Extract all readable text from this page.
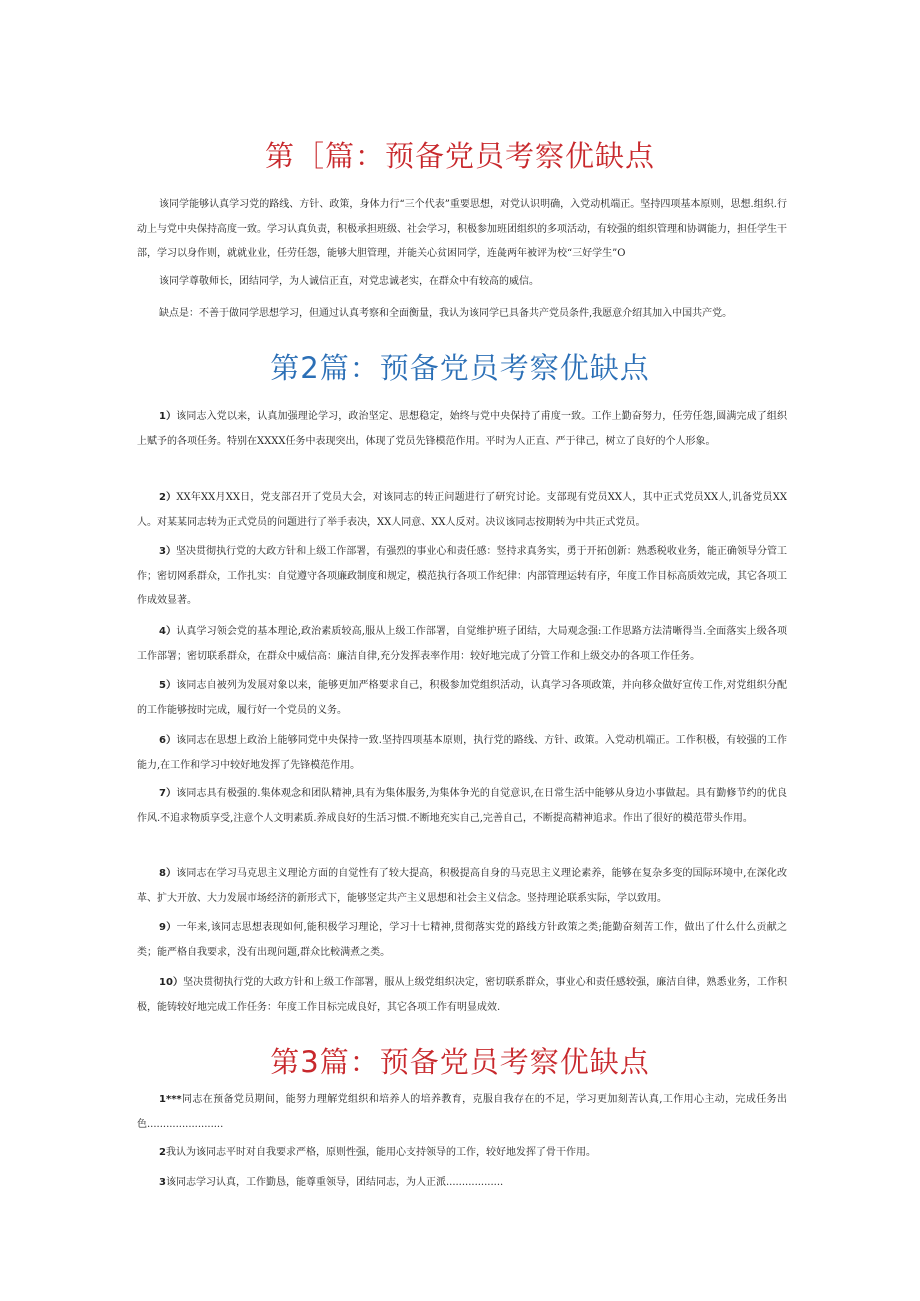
第［篇：预备党员考察优缺点

该同学能够认真学习党的路线、方针、政策，身体力行“三个代表”重要思想，对党认识明确，入党动机端正。坚持四项基本原则，思想.组织.行动上与党中央保持高度一致。学习认真负责，积极承担班级、社会学习，积极参加班团组织的多项活动，有较强的组织管理和协调能力，担任学生干部，学习以身作则，就就业业，任劳任怨，能够大胆管理，并能关心贫困同学，连彘两年被评为校“三好学生”O

该同学尊敬师长，团结同学，为人诚信正直，对党忠诚老实，在群众中有较高的威信。

缺点是：不善于做同学思想学习，但通过认真考察和全面衡量，我认为该同学已具备共产党员条件,我愿意介绍其加入中国共产党。

第2篇：预备党员考察优缺点

1）该同志入党以来，认真加强理论学习，政治坚定、思想稳定，始终与党中央保持了甫度一致。工作上勤奋努力，任劳任怨,圆满完成了组织上赋予的各项任务。特别在XXXX任务中表现突出，体现了党员先锋模范作用。平时为人正直、严于律己，树立了良好的个人形象。

2）XX年XX月XX日，党支部召开了党员大会，对该同志的转正问题进行了研究讨论。支部现有党员XX人，其中正式党员XX人,讥备党员XX人。对某某同志转为正式党员的问题进行了举手表决，XX人同意、XX人反对。决议该同志按期转为中共正式党员。

3）坚决贯彻执行党的大政方针和上级工作部署，有强烈的事业心和责任感：竖持求真务实，勇于开拓创新：熟悉税收业务，能正确领导分管工作；密切网系群众，工作扎实：自觉遵守各项廉政制度和规定，模范执行各项工作纪律：内部管理运转有序，年度工作目标高质效完成，其它各项工作成效显著。

4）认真学习领会党的基本理论,政治素质较高,服从上级工作部署，自觉维护班子团结，大局观念强:工作思路方法清晰得当.全面落实上级各项工作部署；密切联系群众，在群众中威信高：廉洁自律,充分发挥表率作用：较好地完成了分管工作和上级交办的各项工作任务。

5）该同志自被列为发展对象以来，能够更加严格要求自己，积极参加党组织活动，认真学习各项政策，并向移众做好宣传工作,对党组织分配的工作能够按时完成，履行好一个党员的义务。

6）该同志在思想上政治上能够同党中央保持一致.坚持四项基本原则，执行党的路线、方针、政策。入党动机端正。工作积极，有较强的工作能力,在工作和学习中较好地发挥了先锋模范作用。

7）该同志具有极强的.集体观念和团队精神,具有为集体服务,为集体争光的自觉意识,在日常生活中能够从身边小事做起。具有勤修节约的优良作风.不追求物质享受,注意个人文明素质.养成良好的生活习惯.不断地充实自己,完善自己，不断提高精神追求。作出了很好的模范带头作用。

8）该同志在学习马克思主义理论方面的自觉性有了较大提高，积极提高自身的马克思主义理论素养，能够在复杂多变的国际环境中,在深化改革、扩大开放、大力发展市场经济的新形式下，能够竖定共产主义思想和社会主义信念。竖持理论联系实际，学以致用。

9）一年来,该同志思想表现如何,能积极学习理论，学习十七精神,贯彻落实党的路线方针政策之类;能勤奋刻苦工作，做出了什么什么贡献之类；能严格自我要求，没有出现问题,群众比較满煮之类。

10）坚决贯彻执行党的大政方针和上级工作部署，服从上级党组织决定，密切联系群众，事业心和责任感较强，廉洁自律，熟悉业务，工作积极，能铸较好地完成工作任务：年度工作目标完成良好，其它各项工作有明显成效.

第3篇：预备党员考察优缺点

1***同志在预备党员期间，能努力理解党组织和培养人的培养教育，克服自我存在的不足，学习更加刻苦认真,工作用心主动，完成任务出色........................

2我认为该同志平时对自我要求严格，原则性强，能用心支持领导的工作，较好地发挥了骨干作用。

3该同志学习认真，工作勤恳，能尊重领导，团结同志，为人正派..................
